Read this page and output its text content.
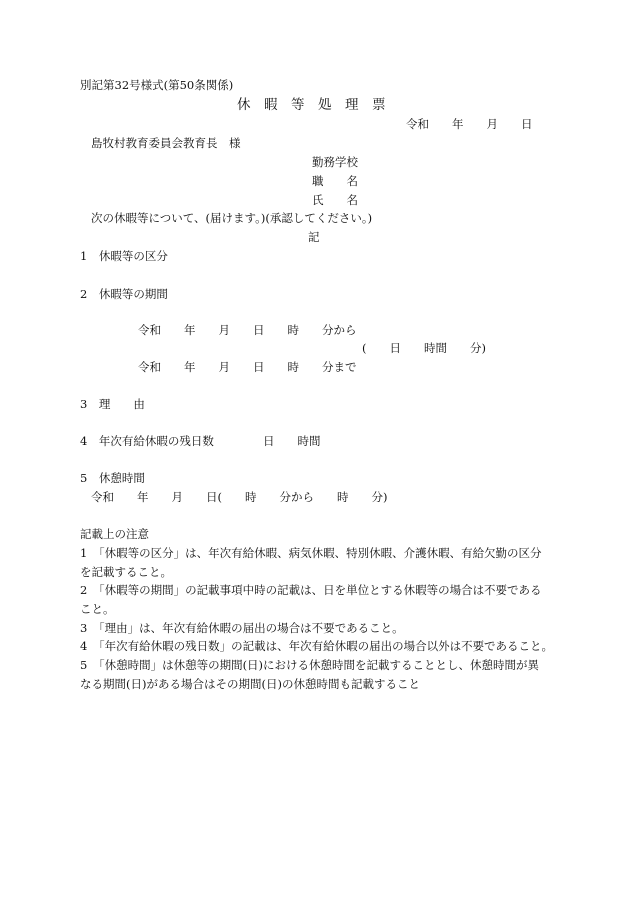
別記第32号様式(第50条関係)
休　暇　等　処　理　票
令和　　年　　月　　日
島牧村教育委員会教育長　様
勤務学校
職　　名
氏　　名
次の休暇等について、(届けます。)(承認してください。)
記
1　休暇等の区分
2　休暇等の期間
令和　　年　　月　　日　　時　　分から
(　　日　　時間　　分)
令和　　年　　月　　日　　時　　分まで
3　理　　由
4　年次有給休暇の残日数	日　　時間
5　休憩時間
令和　　年　　月　　日(　　時　　分から　　時　　分)
記載上の注意
1　「休暇等の区分」は、年次有給休暇、病気休暇、特別休暇、介護休暇、有給欠勤の区分
を記載すること。
2　「休暇等の期間」の記載事項中時の記載は、日を単位とする休暇等の場合は不要である
こと。
3　「理由」は、年次有給休暇の届出の場合は不要であること。
4　「年次有給休暇の残日数」の記載は、年次有給休暇の届出の場合以外は不要であること。
5　「休憩時間」は休憩等の期間(日)における休憩時間を記載することとし、休憩時間が異
なる期間(日)がある場合はその期間(日)の休憩時間も記載すること
